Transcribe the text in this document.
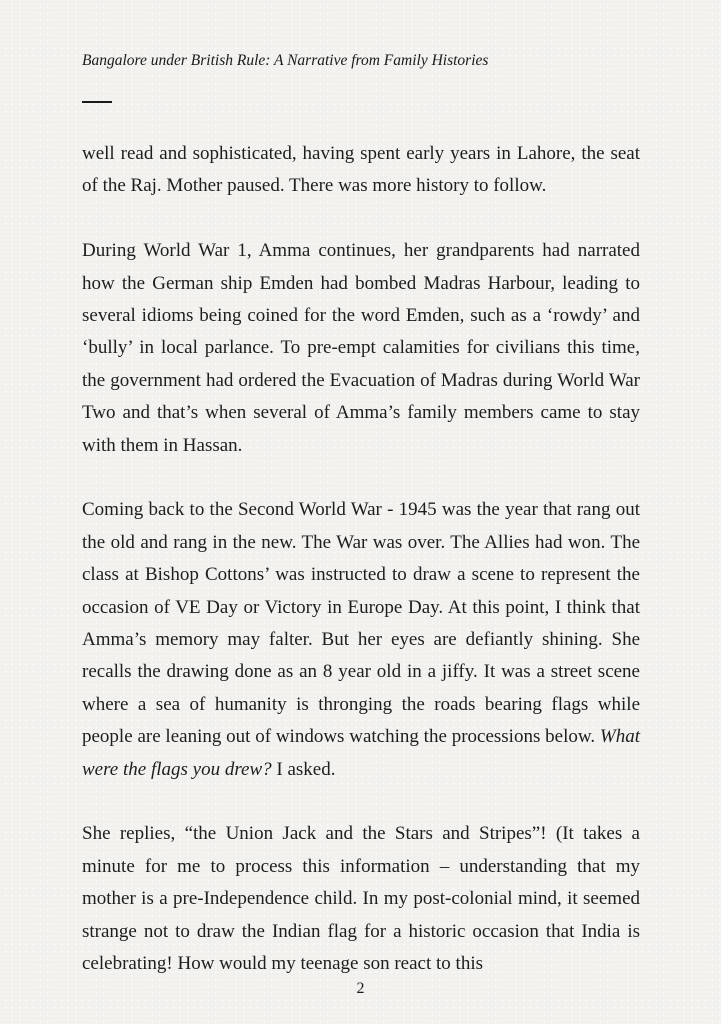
Bangalore under British Rule: A Narrative from Family Histories

well read and sophisticated, having spent early years in Lahore, the seat of the Raj. Mother paused. There was more history to follow.

During World War 1, Amma continues, her grandparents had narrated how the German ship Emden had bombed Madras Harbour, leading to several idioms being coined for the word Emden, such as a ‘rowdy’ and ‘bully’ in local parlance. To pre-empt calamities for civilians this time, the government had ordered the Evacuation of Madras during World War Two and that’s when several of Amma’s family members came to stay with them in Hassan.

Coming back to the Second World War - 1945 was the year that rang out the old and rang in the new. The War was over. The Allies had won. The class at Bishop Cottons’ was instructed to draw a scene to represent the occasion of VE Day or Victory in Europe Day. At this point, I think that Amma’s memory may falter. But her eyes are defiantly shining. She recalls the drawing done as an 8 year old in a jiffy. It was a street scene where a sea of humanity is thronging the roads bearing flags while people are leaning out of windows watching the processions below. What were the flags you drew? I asked.

She replies, “the Union Jack and the Stars and Stripes”! (It takes a minute for me to process this information – understanding that my mother is a pre-Independence child. In my post-colonial mind, it seemed strange not to draw the Indian flag for a historic occasion that India is celebrating! How would my teenage son react to this

2
